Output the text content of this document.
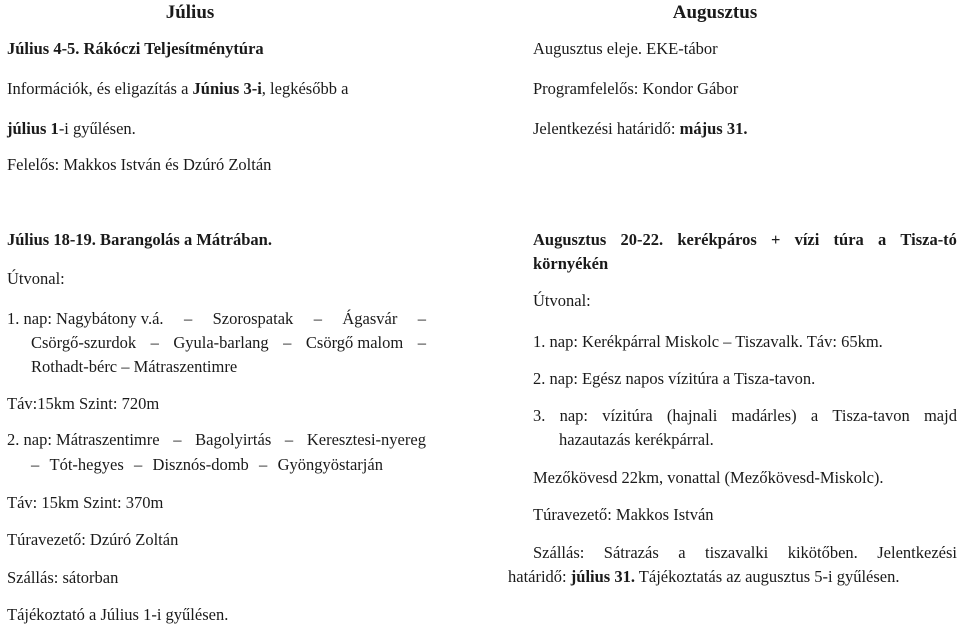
Július
Július 4-5. Rákóczi Teljesítménytúra
Információk, és eligazítás a Június 3-i, legkésőbb a
július 1-i gyűlésen.
Felelős: Makkos István és Dzúró Zoltán
Július 18-19. Barangolás a Mátrában.
Útvonal:
1. nap: Nagybátony v.á. – Szorospatak – Ágasvár –
Csörgő-szurdok – Gyula-barlang – Csörgő malom –
Rothadt-bérc – Mátraszentimre
Táv:15km Szint: 720m
2. nap: Mátraszentimre – Bagolyirtás – Keresztesi-nyereg
– Tót-hegyes – Disznós-domb – Gyöngyöstarján
Táv: 15km Szint: 370m
Túravezető: Dzúró Zoltán
Szállás: sátorban
Tájékoztató a Július 1-i gyűlésen.
Augusztus
Augusztus eleje. EKE-tábor
Programfelelős: Kondor Gábor
Jelentkezési határidő: május 31.
Augusztus 20-22. kerékpáros + vízi túra a Tisza-tó
környékén
Útvonal:
1. nap: Kerékpárral Miskolc – Tiszavalk. Táv: 65km.
2. nap: Egész napos vízitúra a Tisza-tavon.
3. nap: vízitúra (hajnali madárles) a Tisza-tavon majd
hazautazás kerékpárral.
Mezőkövesd 22km, vonattal (Mezőkövesd-Miskolc).
Túravezető: Makkos István
Szállás: Sátrazás a tiszavalki kikötőben. Jelentkezési
határidő: július 31. Tájékoztatás az augusztus 5-i gyűlésen.
